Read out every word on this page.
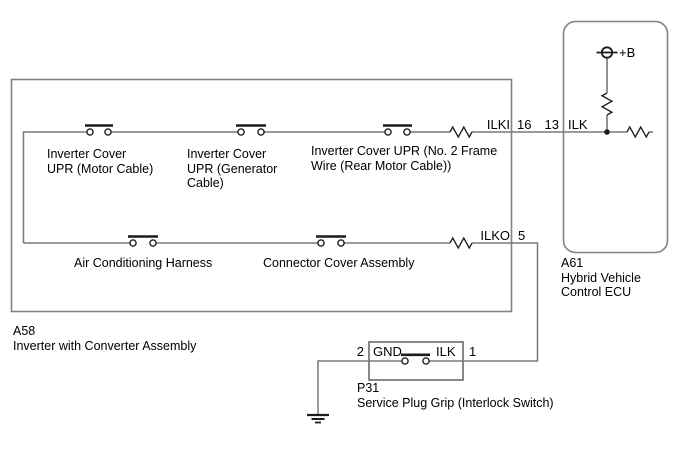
Inverter Cover
UPR (Motor Cable)
Inverter Cover
UPR (Generator
Cable)
Inverter Cover UPR (No. 2 Frame
Wire (Rear Motor Cable))
Air Conditioning Harness	Connector Cover Assembly
ILKI 16 13 ILK
+B
ILKO 5
2 GND	ILK 1
A58
Inverter with Converter Assembly
A61
Hybrid Vehicle
Control ECU
P31
Service Plug Grip (Interlock Switch)
